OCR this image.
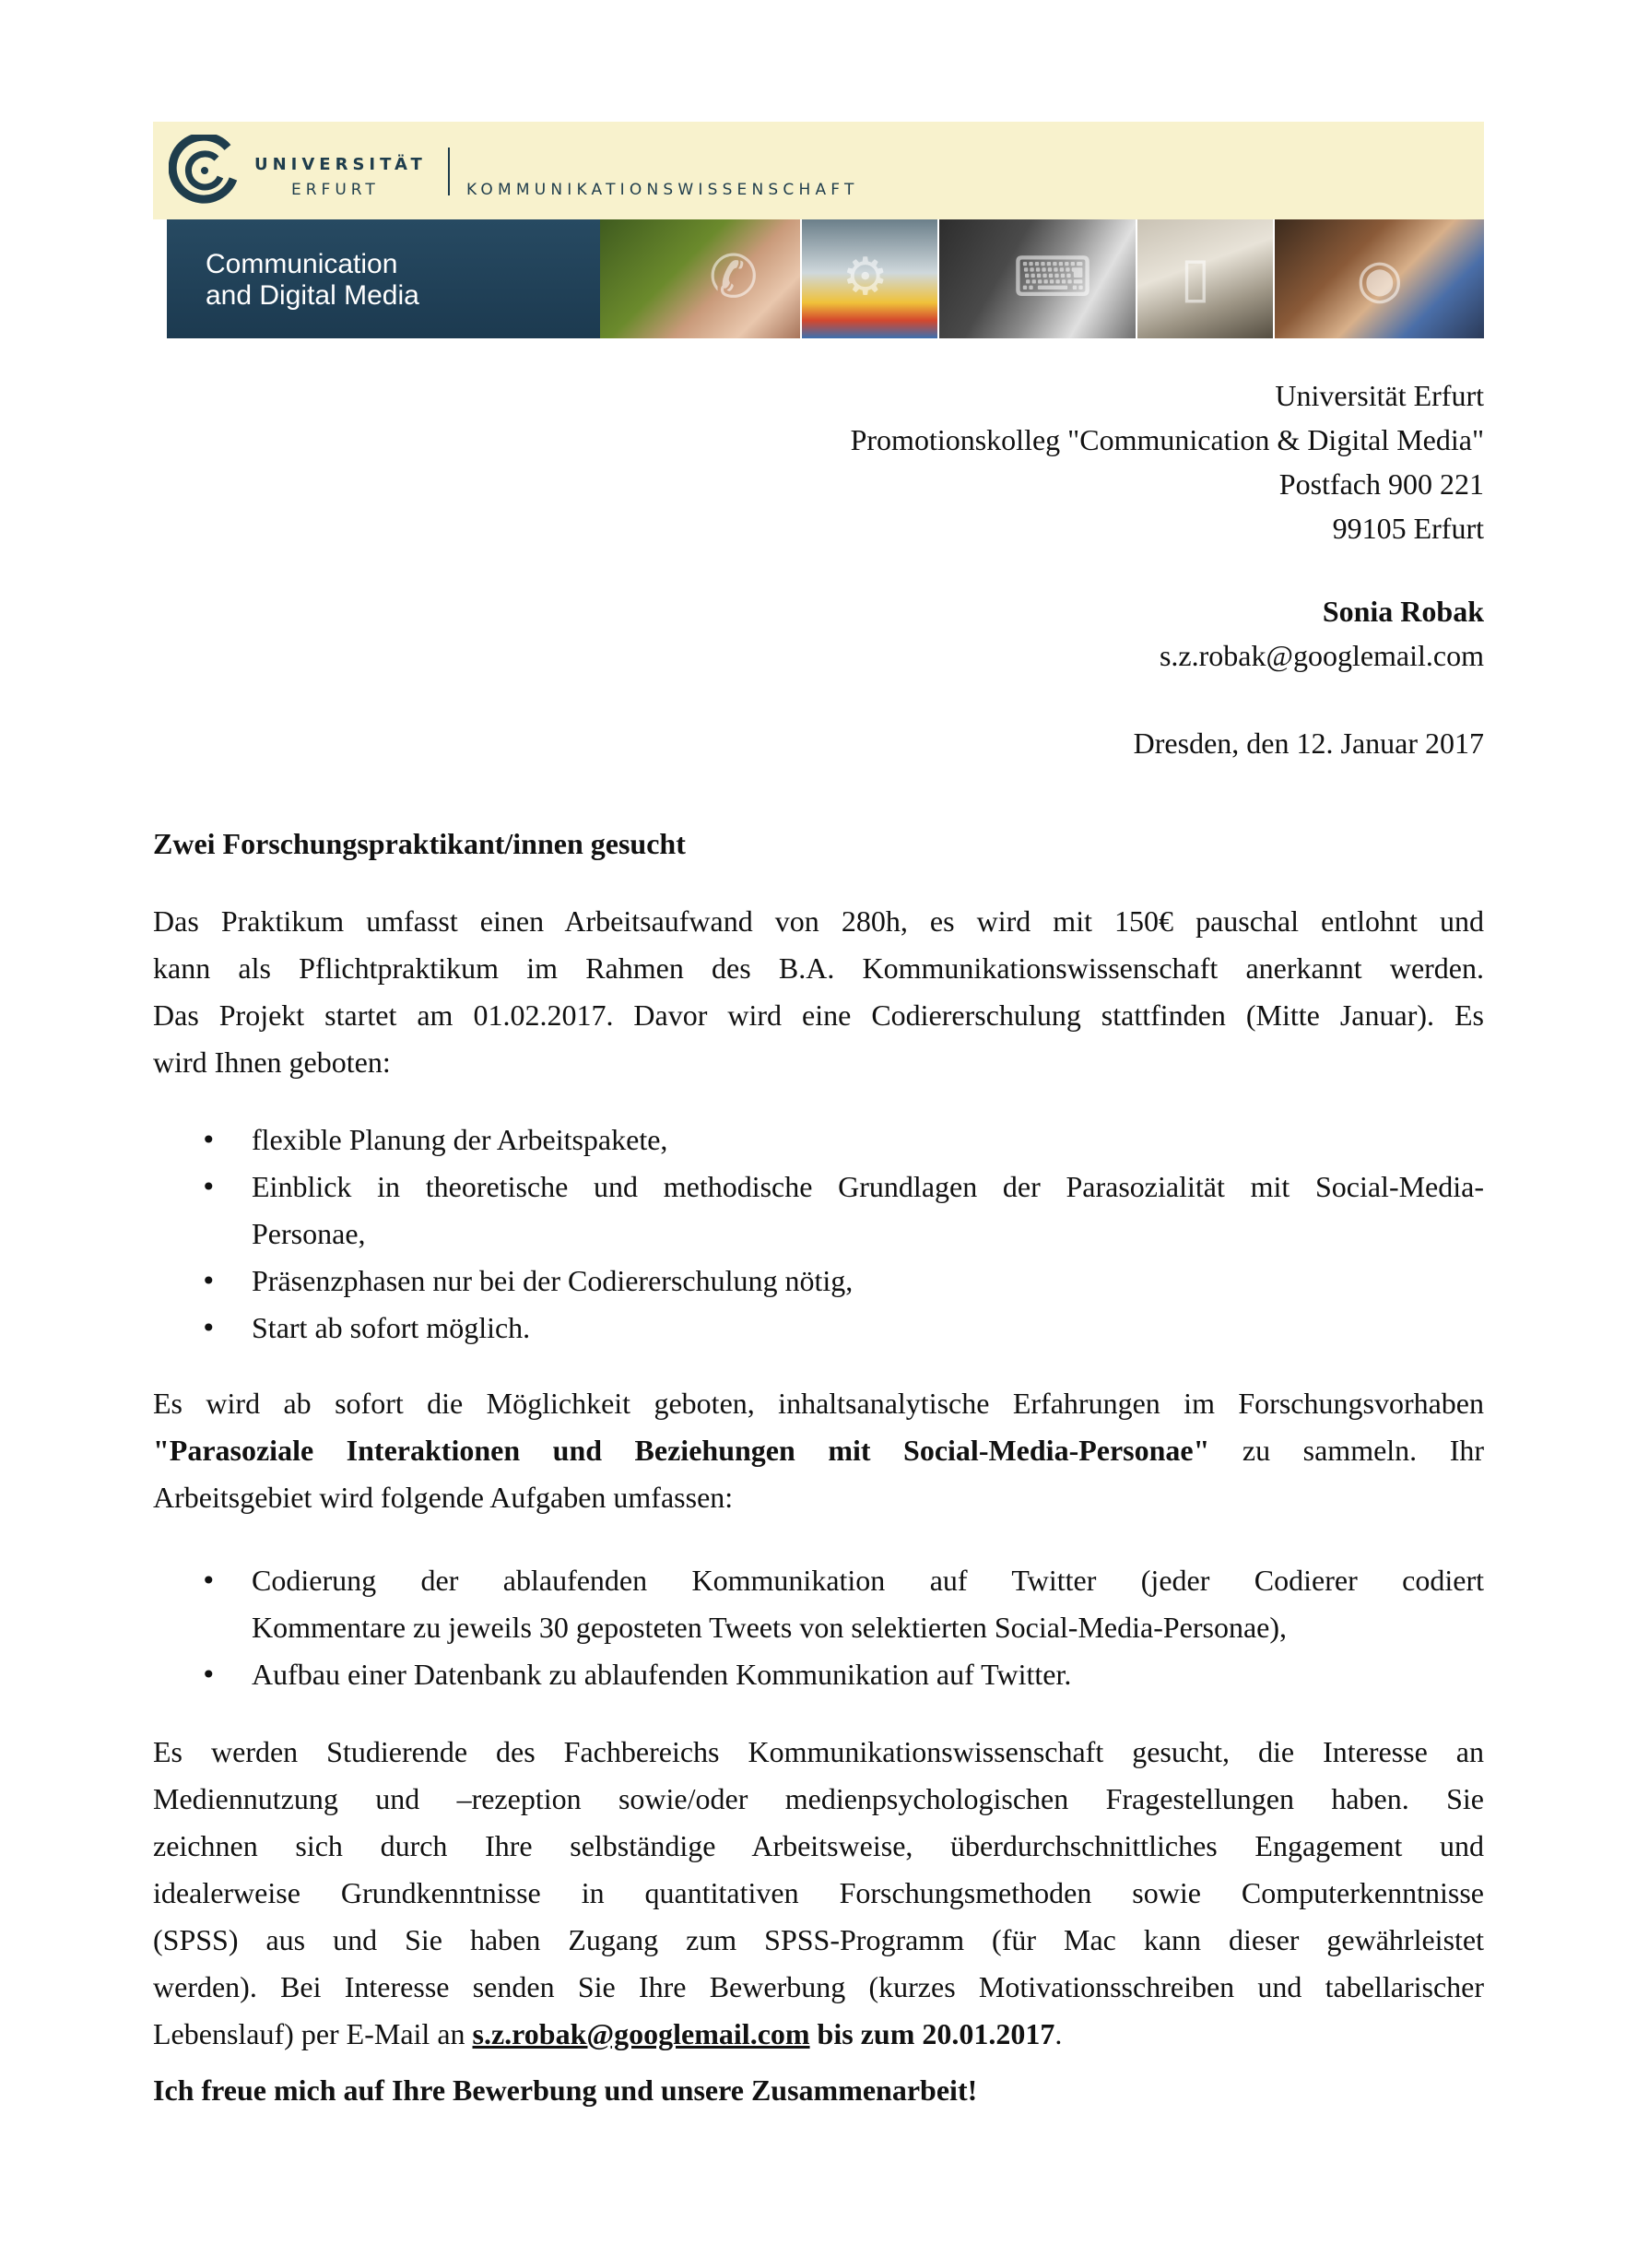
UNIVERSITÄT
ERFURT	KOMMUNIKATIONSWISSENSCHAFT
Communication
and Digital Media	✆ ⚙ ⌨ ▯	◉
Universität Erfurt
Promotionskolleg "Communication & Digital Media"
Postfach 900 221
99105 Erfurt
Sonia Robak
s.z.robak@googlemail.com
Dresden, den 12. Januar 2017
Zwei Forschungspraktikant/innen gesucht
Das Praktikum umfasst einen Arbeitsaufwand von 280h, es wird mit 150€ pauschal entlohnt und
kann als Pflichtpraktikum im Rahmen des B.A. Kommunikationswissenschaft anerkannt werden.
Das Projekt startet am 01.02.2017. Davor wird eine Codiererschulung stattfinden (Mitte Januar). Es
wird Ihnen geboten:
• flexible Planung der Arbeitspakete,
• Einblick in theoretische und methodische Grundlagen der Parasozialität mit Social-Media-
Personae,
• Präsenzphasen nur bei der Codiererschulung nötig,
• Start ab sofort möglich.
Es wird ab sofort die Möglichkeit geboten, inhaltsanalytische Erfahrungen im Forschungsvorhaben
"Parasoziale Interaktionen und Beziehungen mit Social-Media-Personae" zu sammeln. Ihr
Arbeitsgebiet wird folgende Aufgaben umfassen:
• Codierung der ablaufenden Kommunikation auf Twitter (jeder Codierer codiert
Kommentare zu jeweils 30 geposteten Tweets von selektierten Social-Media-Personae),
• Aufbau einer Datenbank zu ablaufenden Kommunikation auf Twitter.
Es werden Studierende des Fachbereichs Kommunikationswissenschaft gesucht, die Interesse an
Mediennutzung und –rezeption sowie/oder medienpsychologischen Fragestellungen haben. Sie
zeichnen sich durch Ihre selbständige Arbeitsweise, überdurchschnittliches Engagement und
idealerweise Grundkenntnisse in quantitativen Forschungsmethoden sowie Computerkenntnisse
(SPSS) aus und Sie haben Zugang zum SPSS-Programm (für Mac kann dieser gewährleistet
werden). Bei Interesse senden Sie Ihre Bewerbung (kurzes Motivationsschreiben und tabellarischer
Lebenslauf) per E-Mail an s.z.robak@googlemail.com bis zum 20.01.2017.
Ich freue mich auf Ihre Bewerbung und unsere Zusammenarbeit!
